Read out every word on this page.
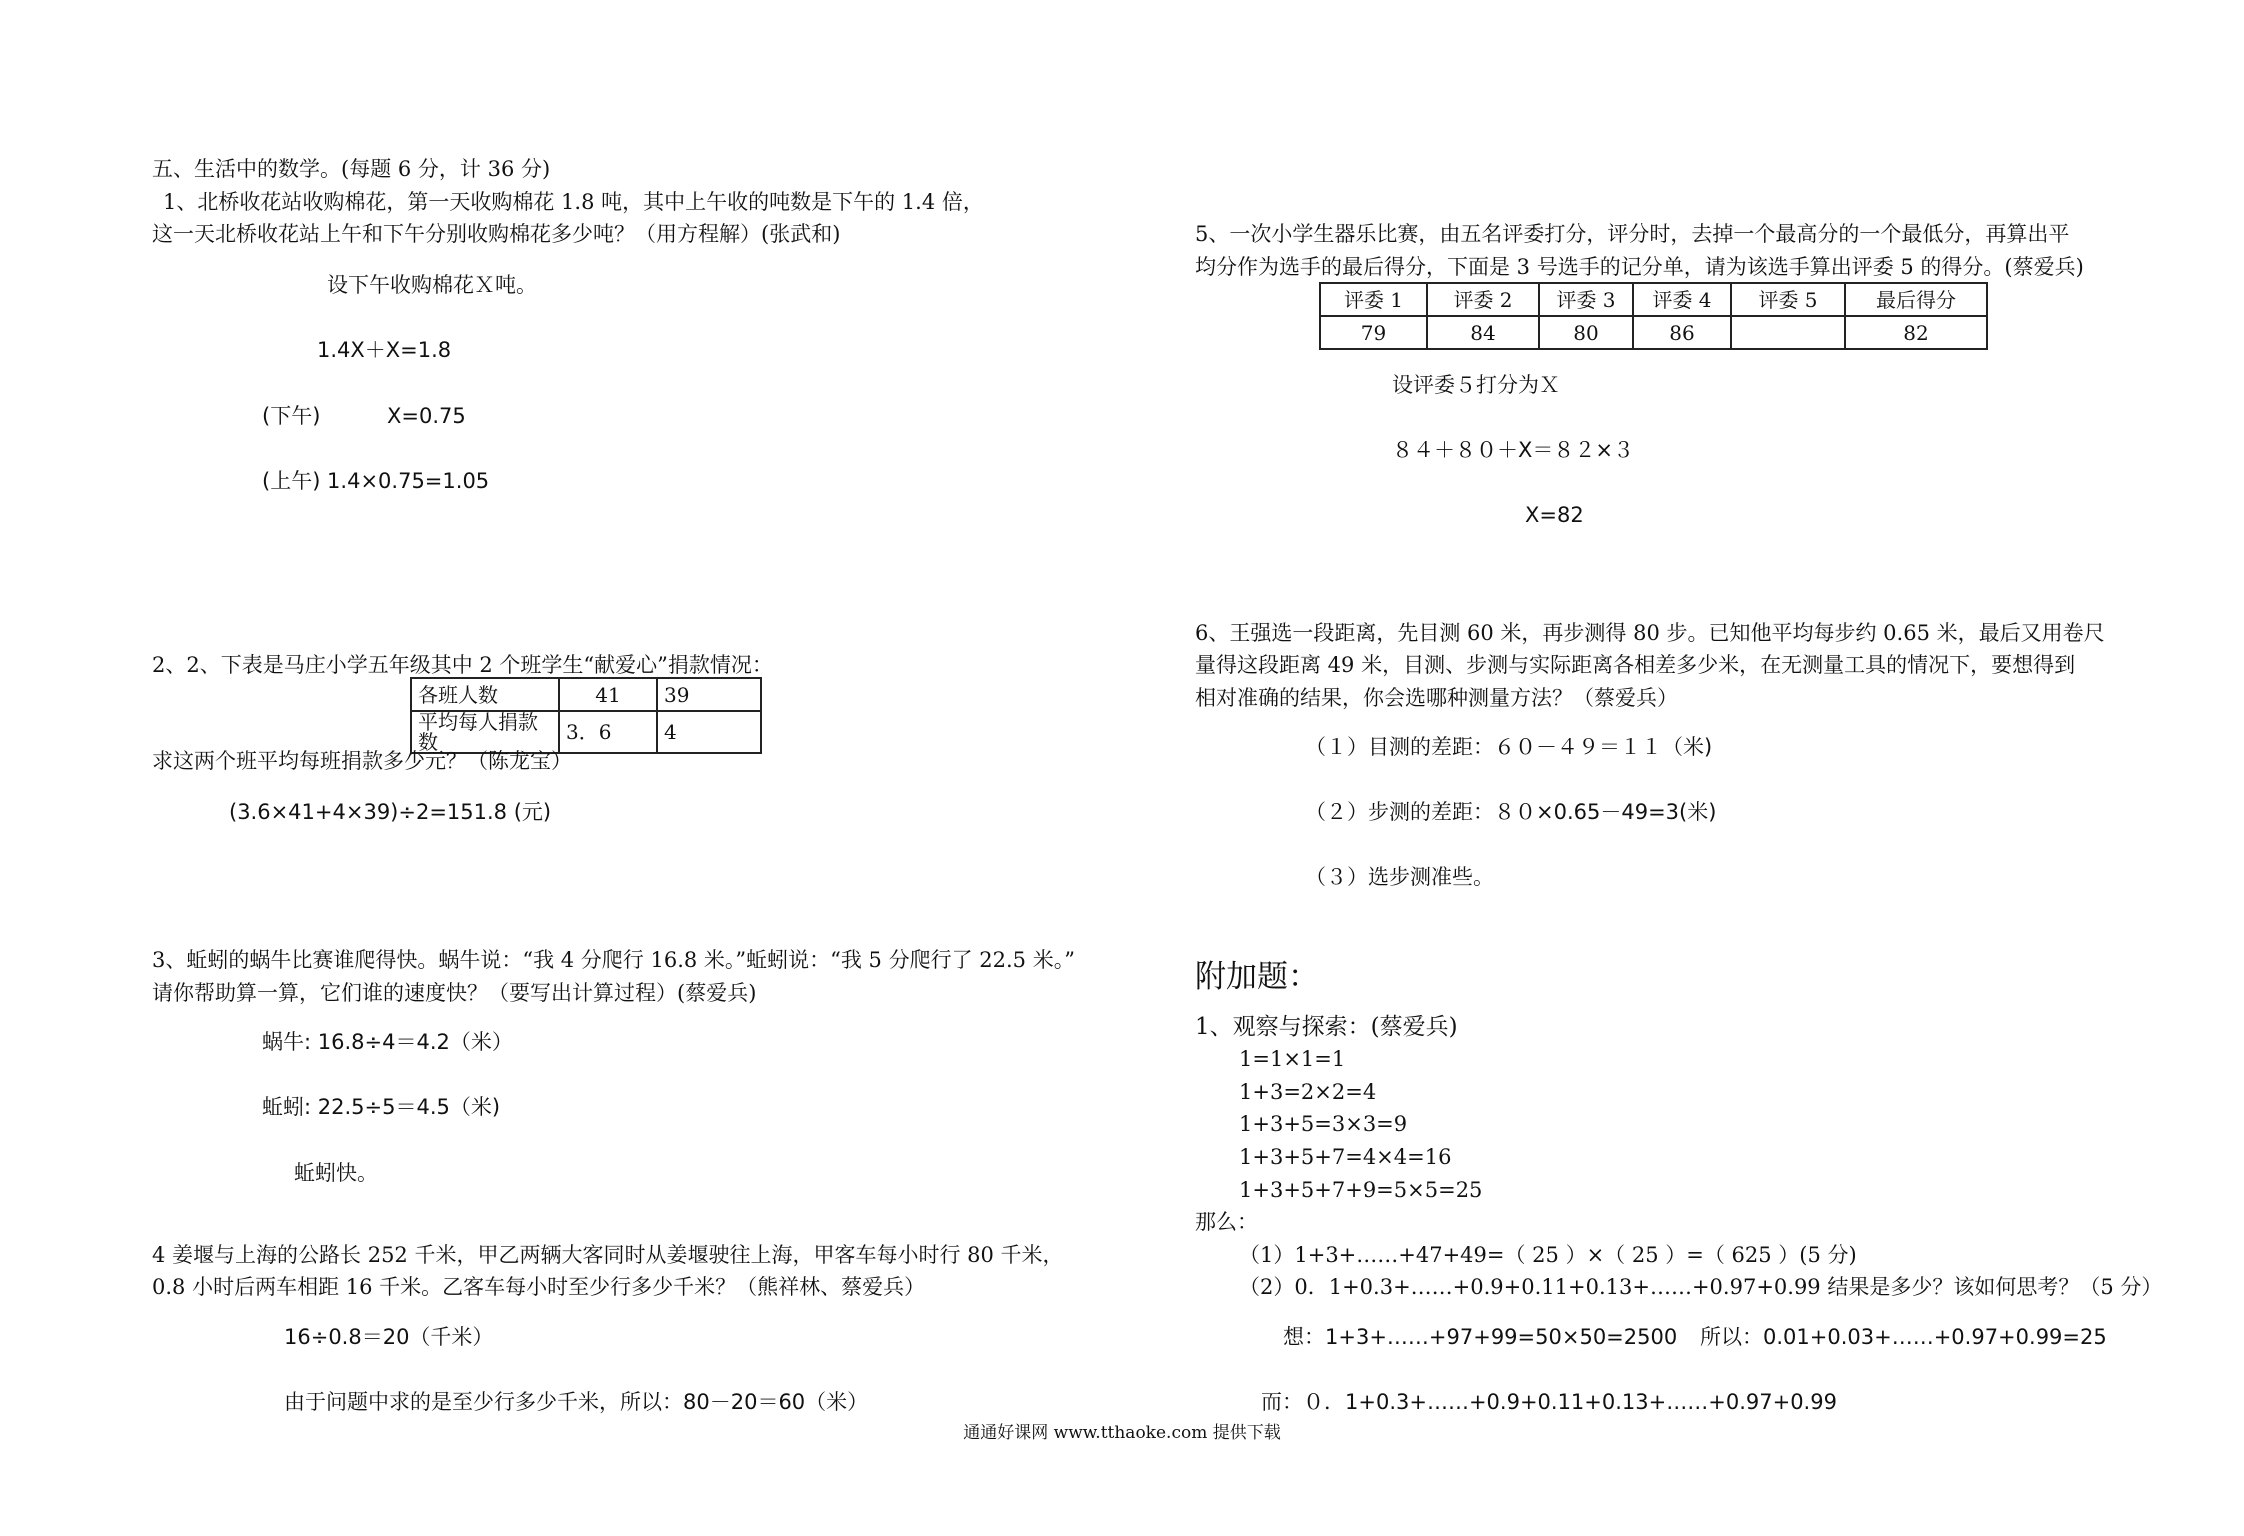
五、生活中的数学。(每题 6 分，计 36 分)
1、北桥收花站收购棉花，第一天收购棉花 1.8 吨，其中上午收的吨数是下午的 1.4 倍，
这一天北桥收花站上午和下午分别收购棉花多少吨？（用方程解）(张武和)
设下午收购棉花Ｘ吨。
1.4X＋X=1.8
(下午)	X=0.75
(上午) 1.4×0.75=1.05
2、2、下表是马庄小学五年级其中 2 个班学生“献爱心”捐款情况：
各班人数	41	39
平均每人捐款数	3．6	4
求这两个班平均每班捐款多少元？（陈龙宝）
(3.6×41+4×39)÷2=151.8 (元)
3、蚯蚓的蜗牛比赛谁爬得快。蜗牛说：“我 4 分爬行 16.8 米。”蚯蚓说：“我 5 分爬行了 22.5 米。”
请你帮助算一算，它们谁的速度快？（要写出计算过程）(蔡爱兵)
蜗牛: 16.8÷4＝4.2（米）
蚯蚓: 22.5÷5＝4.5（米)
蚯蚓快。
4 姜堰与上海的公路长 252 千米，甲乙两辆大客同时从姜堰驶往上海，甲客车每小时行 80 千米，
0.8 小时后两车相距 16 千米。乙客车每小时至少行多少千米？（熊祥林、蔡爱兵）
16÷0.8＝20（千米）
由于问题中求的是至少行多少千米，所以：80－20＝60（米）
5、一次小学生器乐比赛，由五名评委打分，评分时，去掉一个最高分的一个最低分，再算出平
均分作为选手的最后得分，下面是 3 号选手的记分单，请为该选手算出评委 5 的得分。(蔡爱兵)
评委 1	评委 2	评委 3	评委 4	评委 5	最后得分
79	84	80	86		82
设评委５打分为Ｘ
８４＋８０＋X＝８２×３
X=82
6、王强选一段距离，先目测 60 米，再步测得 80 步。已知他平均每步约 0.65 米，最后又用卷尺
量得这段距离 49 米，目测、步测与实际距离各相差多少米，在无测量工具的情况下，要想得到
相对准确的结果，你会选哪种测量方法？（蔡爱兵）
（１）目测的差距：６０－４９＝１１（米)
（２）步测的差距：８０×0.65－49=3(米)
（３）选步测准些。
附加题：
1、观察与探索：(蔡爱兵)
1=1×1=1
1+3=2×2=4
1+3+5=3×3=9
1+3+5+7=4×4=16
1+3+5+7+9=5×5=25
那么：
（1）1+3+……+47+49=（ 25 ）×（ 25 ）=（ 625 ）(5 分)
（2）0．1+0.3+……+0.9+0.11+0.13+……+0.97+0.99 结果是多少？该如何思考？（5 分）
想：1+3+……+97+99=50×50=2500 所以：0.01+0.03+……+0.97+0.99=25
而：０．1+0.3+……+0.9+0.11+0.13+……+0.97+0.99
通通好课网 www.tthaoke.com 提供下载
